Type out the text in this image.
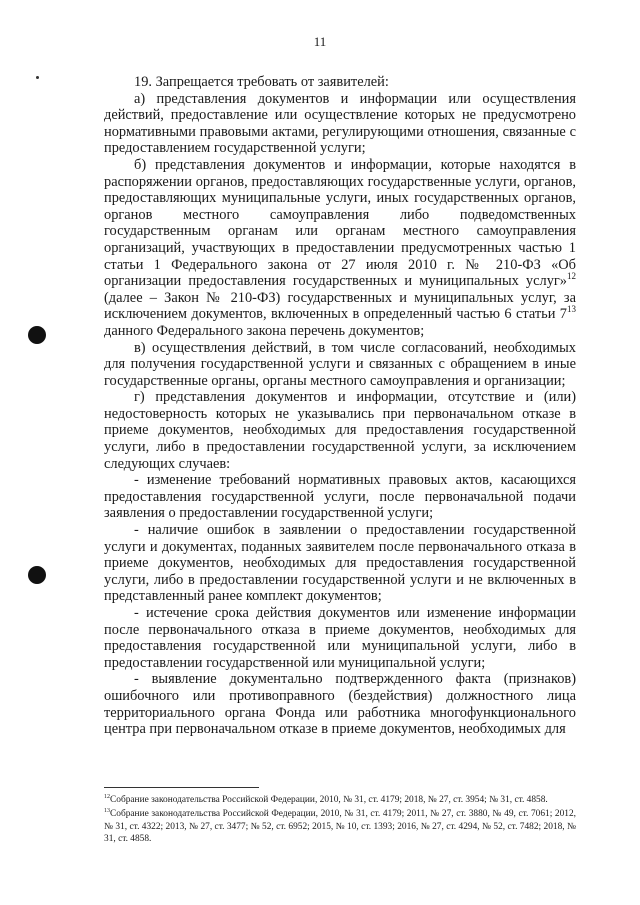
11

19. Запрещается требовать от заявителей:

а) представления документов и информации или осуществления действий, предоставление или осуществление которых не предусмотрено нормативными правовыми актами, регулирующими отношения, связанные с предоставлением государственной услуги;

б) представления документов и информации, которые находятся в распоряжении органов, предоставляющих государственные услуги, органов, предоставляющих муниципальные услуги, иных государственных органов, органов местного самоуправления либо подведомственных государственным органам или органам местного самоуправления организаций, участвующих в предоставлении предусмотренных частью 1 статьи 1 Федерального закона от 27 июля 2010 г. № 210-ФЗ «Об организации предоставления государственных и муниципальных услуг»$^{12}$ (далее – Закон № 210-ФЗ) государственных и муниципальных услуг, за исключением документов, включенных в определенный частью 6 статьи $7^{13}$ данного Федерального закона перечень документов;

в) осуществления действий, в том числе согласований, необходимых для получения государственной услуги и связанных с обращением в иные государственные органы, органы местного самоуправления и организации;

г) представления документов и информации, отсутствие и (или) недостоверность которых не указывались при первоначальном отказе в приеме документов, необходимых для предоставления государственной услуги, либо в предоставлении государственной услуги, за исключением следующих случаев:

- изменение требований нормативных правовых актов, касающихся предоставления государственной услуги, после первоначальной подачи заявления о предоставлении государственной услуги;

- наличие ошибок в заявлении о предоставлении государственной услуги и документах, поданных заявителем после первоначального отказа в приеме документов, необходимых для предоставления государственной услуги, либо в предоставлении государственной услуги и не включенных в представленный ранее комплект документов;

- истечение срока действия документов или изменение информации после первоначального отказа в приеме документов, необходимых для предоставления государственной или муниципальной услуги, либо в предоставлении государственной или муниципальной услуги;

- выявление документально подтвержденного факта (признаков) ошибочного или противоправного (бездействия) должностного лица территориального органа Фонда или работника многофункционального центра при первоначальном отказе в приеме документов, необходимых для

$^{12}$Собрание законодательства Российской Федерации, 2010, № 31, ст. 4179; 2018, № 27, ст. 3954; № 31, ст. 4858.

$^{13}$Собрание законодательства Российской Федерации, 2010, № 31, ст. 4179; 2011, № 27, ст. 3880, № 49, ст. 7061; 2012, № 31, ст. 4322; 2013, № 27, ст. 3477; № 52, ст. 6952; 2015, № 10, ст. 1393; 2016, № 27, ст. 4294, № 52, ст. 7482; 2018, № 31, ст. 4858.
